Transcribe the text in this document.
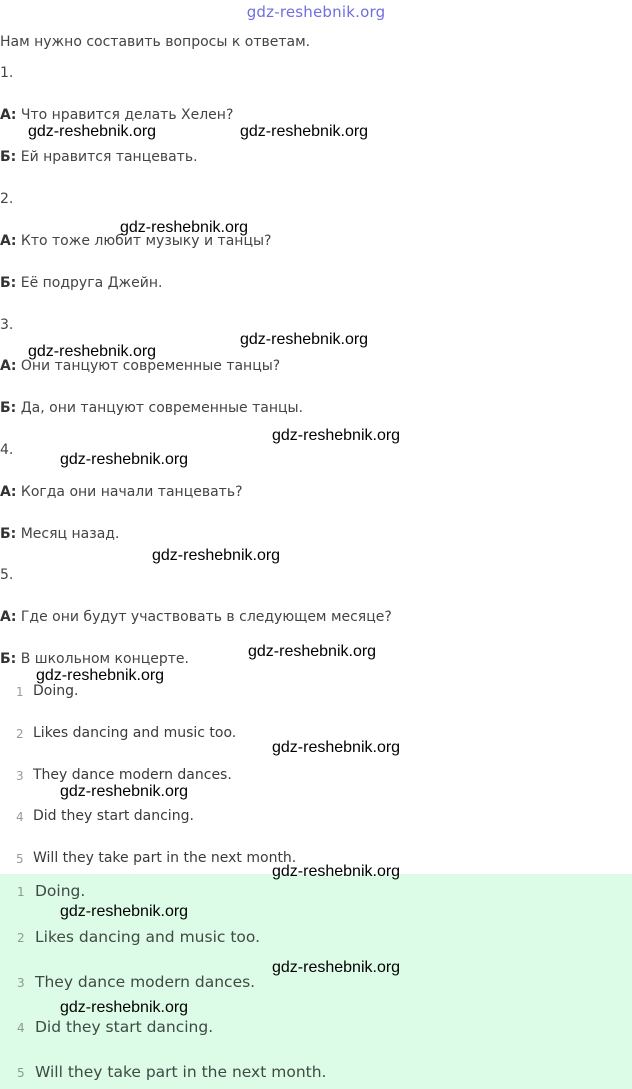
gdz-reshebnik.org
Нам нужно составить вопросы к ответам.
1.
А: Что нравится делать Хелен?
Б: Ей нравится танцевать.
2.
А: Кто тоже любит музыку и танцы?
Б: Её подруга Джейн.
3.
А: Они танцуют современные танцы?
Б: Да, они танцуют современные танцы.
4.
А: Когда они начали танцевать?
Б: Месяц назад.
5.
А: Где они будут участвовать в следующем месяце?
Б: В школьном концерте.
1 Doing.
2 Likes dancing and music too.
3 They dance modern dances.
4 Did they start dancing.
5 Will they take part in the next month.
1 Doing.
2 Likes dancing and music too.
3 They dance modern dances.
4 Did they start dancing.
5 Will they take part in the next month.
gdz-reshebnik.org	gdz-reshebnik.org
gdz-reshebnik.org
gdz-reshebnik.org
gdz-reshebnik.org
gdz-reshebnik.org
gdz-reshebnik.org
gdz-reshebnik.org
gdz-reshebnik.org
gdz-reshebnik.org
gdz-reshebnik.org
gdz-reshebnik.org
gdz-reshebnik.org
gdz-reshebnik.org
gdz-reshebnik.org
gdz-reshebnik.org
